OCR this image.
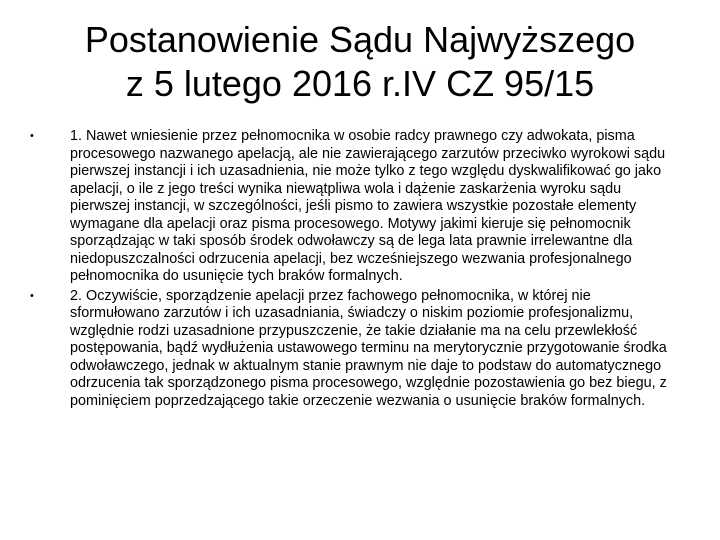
Postanowienie Sądu Najwyższego
z 5 lutego 2016 r.IV CZ 95/15
•	1. Nawet wniesienie przez pełnomocnika w osobie radcy prawnego czy adwokata, pisma procesowego nazwanego apelacją, ale nie zawierającego zarzutów przeciwko wyrokowi sądu pierwszej instancji i ich uzasadnienia, nie może tylko z tego względu dyskwalifikować go jako apelacji, o ile z jego treści wynika niewątpliwa wola i dążenie zaskarżenia wyroku sądu pierwszej instancji, w szczególności, jeśli pismo to zawiera wszystkie pozostałe elementy wymagane dla apelacji oraz pisma procesowego. Motywy jakimi kieruje się pełnomocnik sporządzając w taki sposób środek odwoławczy są de lega lata prawnie irrelewantne dla niedopuszczalności odrzucenia apelacji, bez wcześniejszego wezwania profesjonalnego pełnomocnika do usunięcie tych braków formalnych.
•	2. Oczywiście, sporządzenie apelacji przez fachowego pełnomocnika, w której nie sformułowano zarzutów i ich uzasadniania, świadczy o niskim poziomie profesjonalizmu, względnie rodzi uzasadnione przypuszczenie, że takie działanie ma na celu przewlekłość postępowania, bądź wydłużenia ustawowego terminu na merytorycznie przygotowanie środka odwoławczego, jednak w aktualnym stanie prawnym nie daje to podstaw do automatycznego odrzucenia tak sporządzonego pisma procesowego, względnie pozostawienia go bez biegu, z pominięciem poprzedzającego takie orzeczenie wezwania o usunięcie braków formalnych.
